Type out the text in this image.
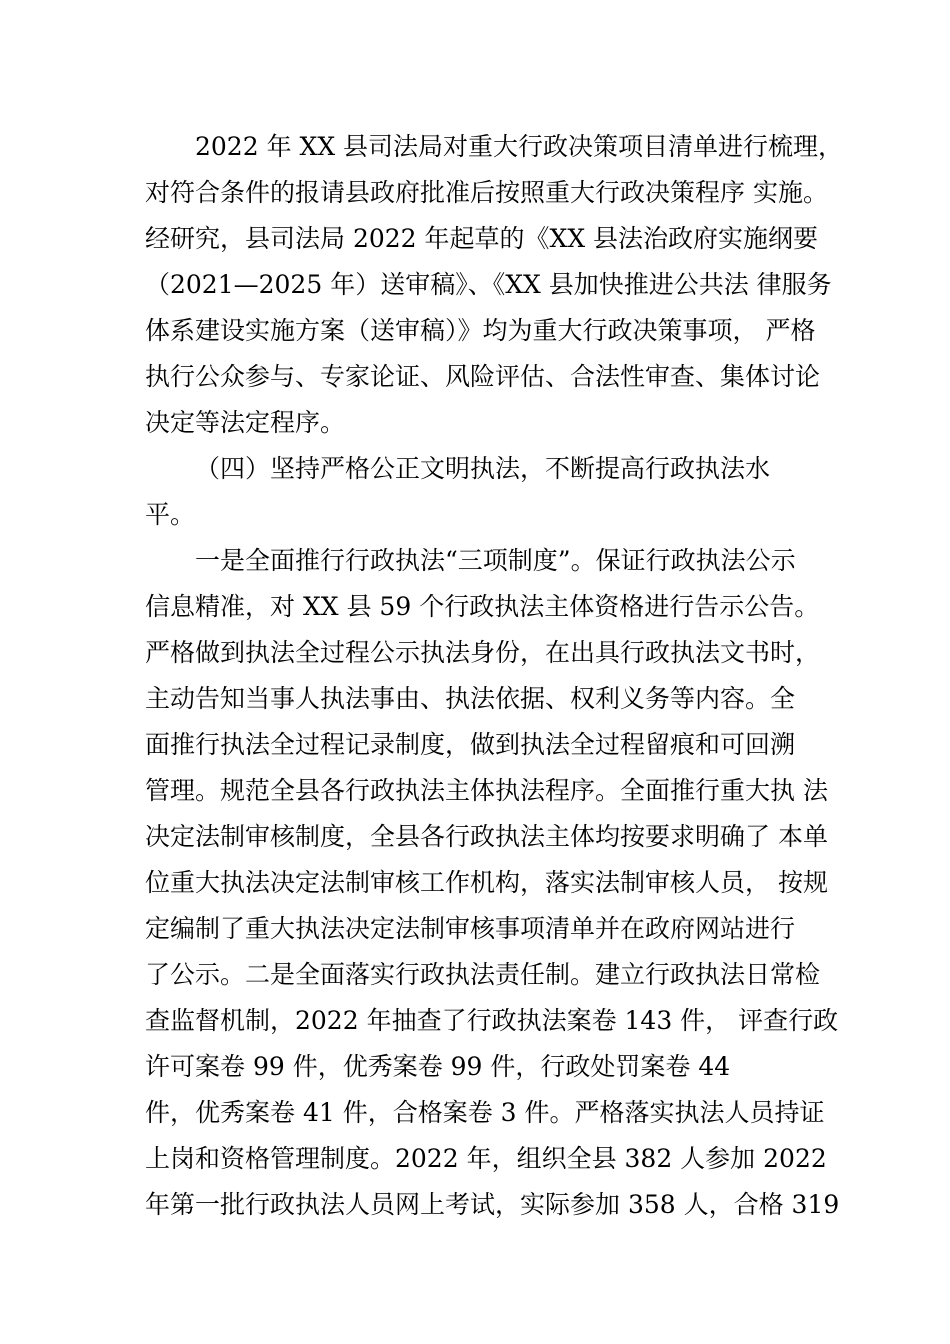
2022 年 XX 县司法局对重大行政决策项目清单进行梳理，
对符合条件的报请县政府批准后按照重大行政决策程序 实施。
经研究，县司法局 2022 年起草的《XX 县法治政府实施纲要
（2021—2025 年）送审稿》、《XX 县加快推进公共法 律服务
体系建设实施方案（送审稿）》均为重大行政决策事项， 严格
执行公众参与、专家论证、风险评估、合法性审查、集体讨论
决定等法定程序。
（四）坚持严格公正文明执法，不断提高行政执法水
平。
一是全面推行行政执法“三项制度”。保证行政执法公示
信息精准，对 XX 县 59 个行政执法主体资格进行告示公告。
严格做到执法全过程公示执法身份，在出具行政执法文书时，
主动告知当事人执法事由、执法依据、权利义务等内容。全
面推行执法全过程记录制度，做到执法全过程留痕和可回溯
管理。规范全县各行政执法主体执法程序。全面推行重大执 法
决定法制审核制度，全县各行政执法主体均按要求明确了 本单
位重大执法决定法制审核工作机构，落实法制审核人员， 按规
定编制了重大执法决定法制审核事项清单并在政府网站进行
了公示。二是全面落实行政执法责任制。建立行政执法日常检
查监督机制，2022 年抽查了行政执法案卷 143 件， 评查行政
许可案卷 99 件，优秀案卷 99 件，行政处罚案卷 44
件，优秀案卷 41 件，合格案卷 3 件。严格落实执法人员持证
上岗和资格管理制度。2022 年，组织全县 382 人参加 2022
年第一批行政执法人员网上考试，实际参加 358 人，合格 319
